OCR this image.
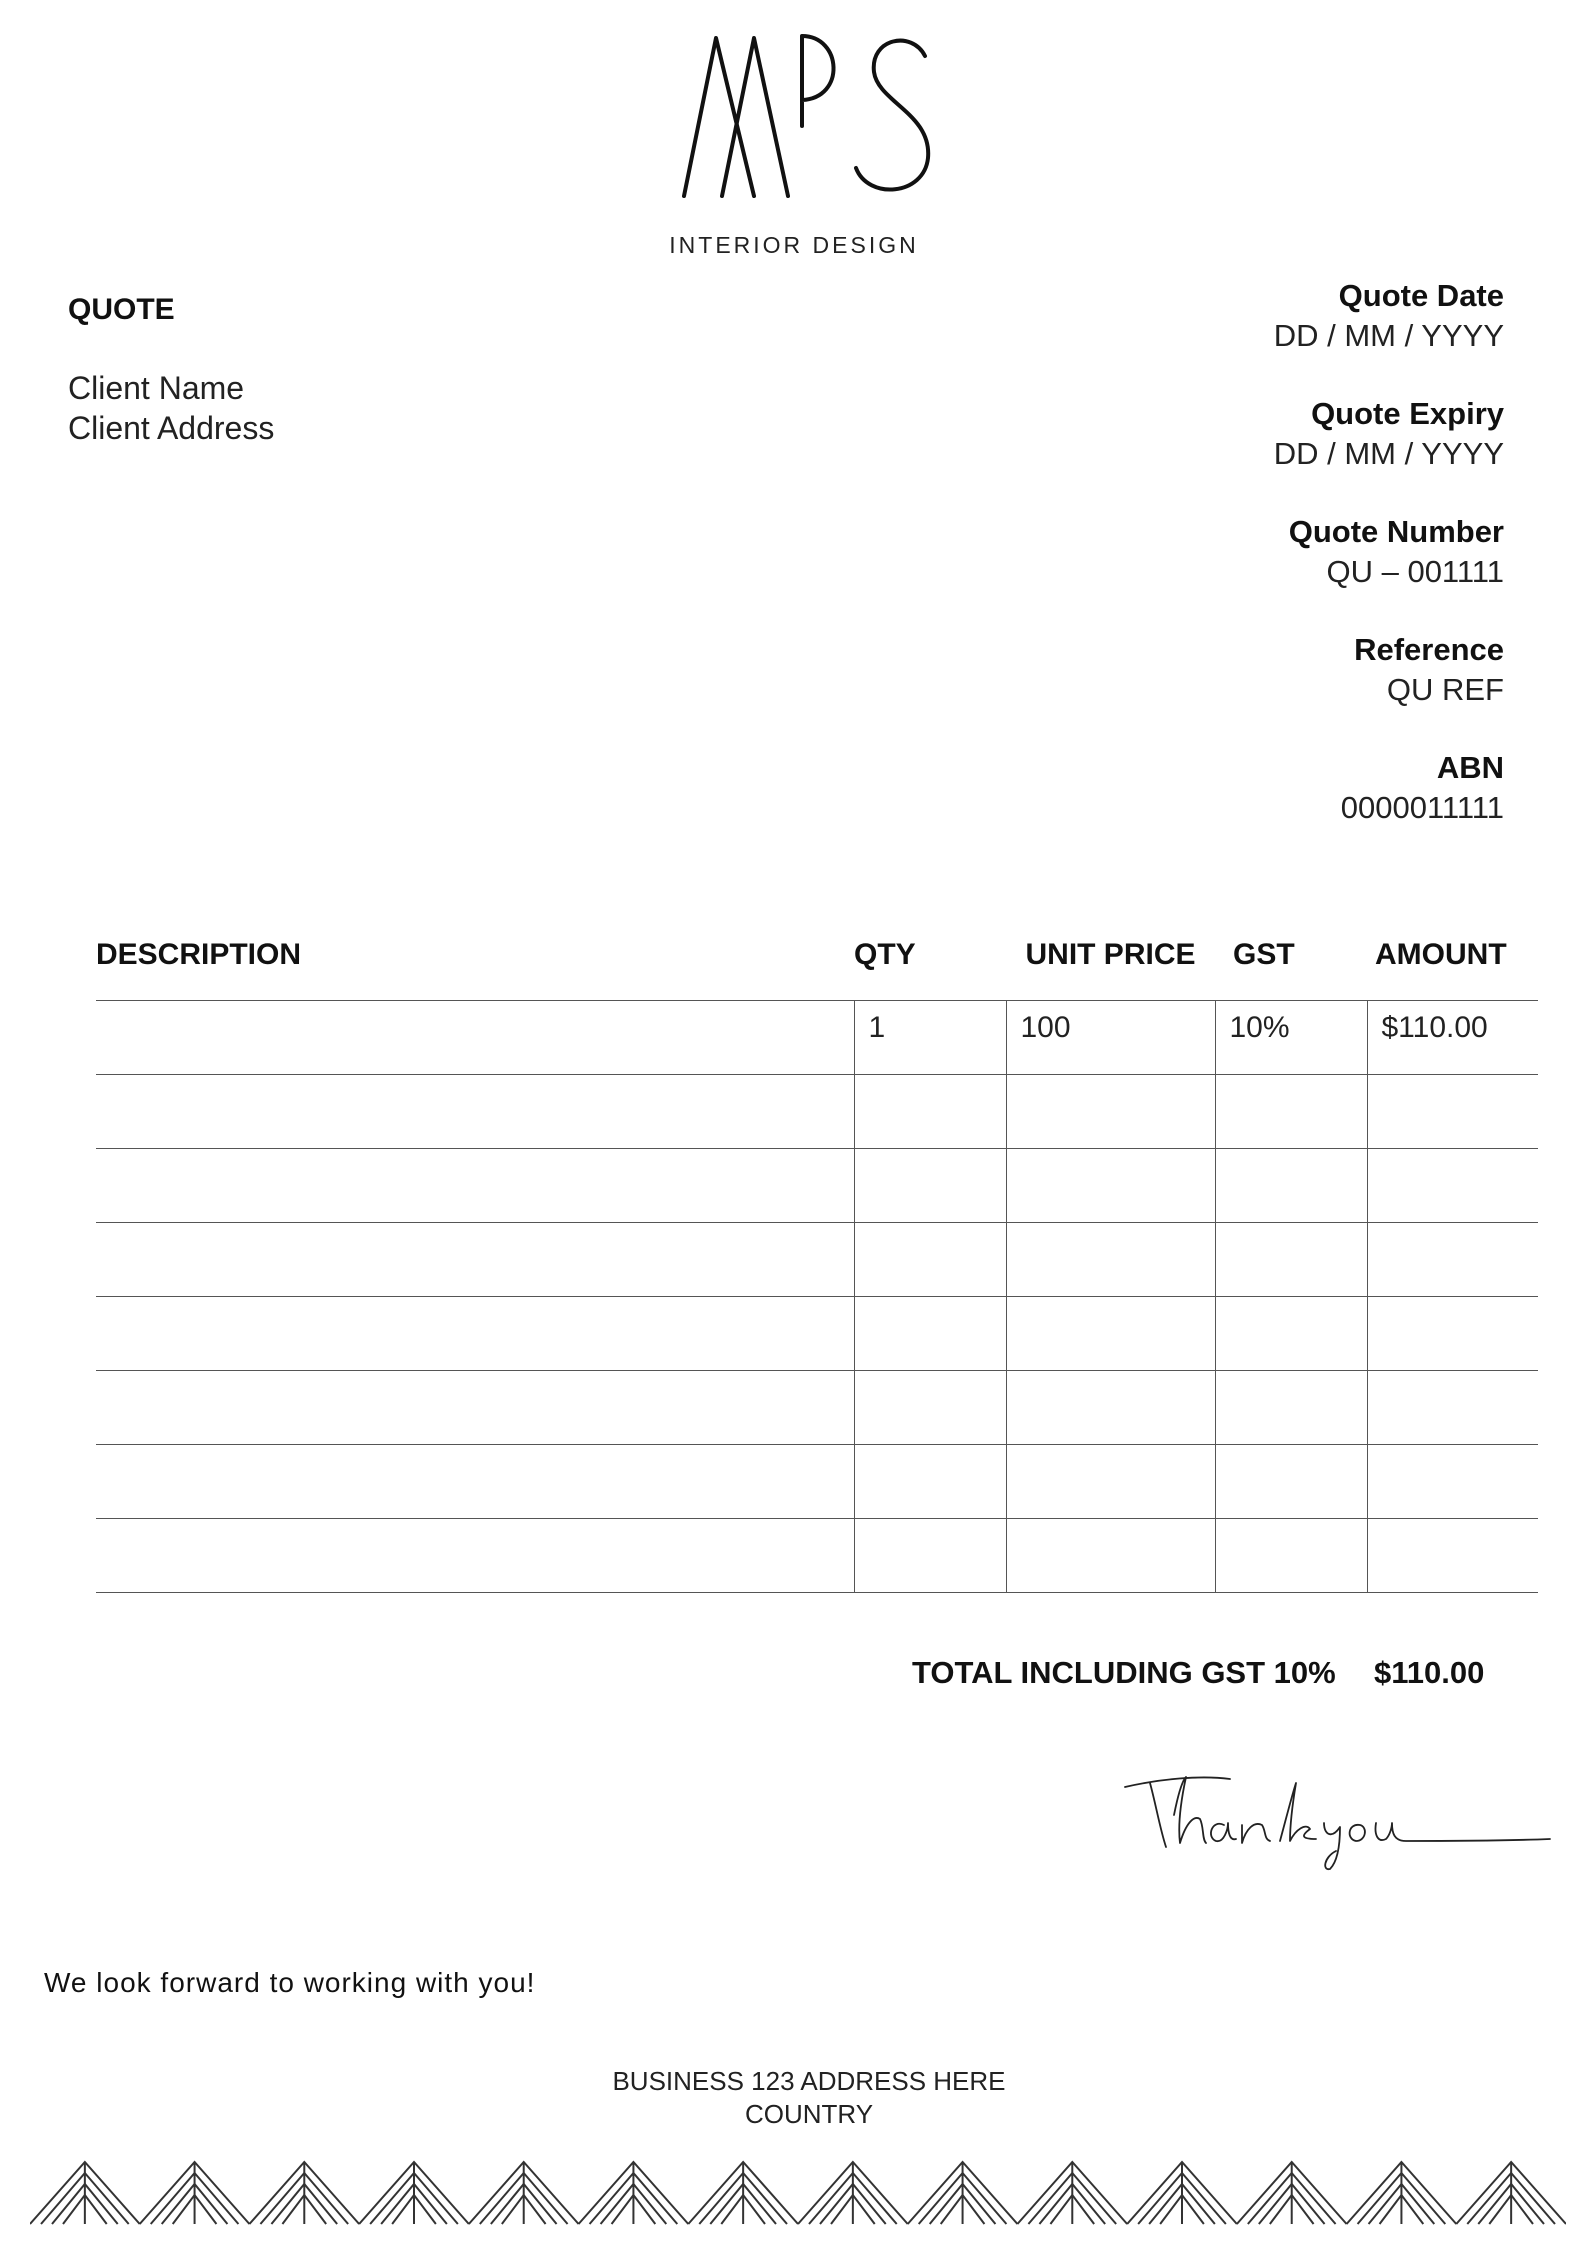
INTERIOR DESIGN
QUOTE
Client Name
Client Address
Quote Date
DD / MM / YYYY
Quote Expiry
DD / MM / YYYY
Quote Number
QU – 001111
Reference
QU REF
ABN
0000011111
DESCRIPTION	QTY	UNIT PRICE	GST	AMOUNT
	1	100	10%	$110.00

TOTAL INCLUDING GST 10% $110.00
We look forward to working with you!
BUSINESS 123 ADDRESS HERE
COUNTRY
